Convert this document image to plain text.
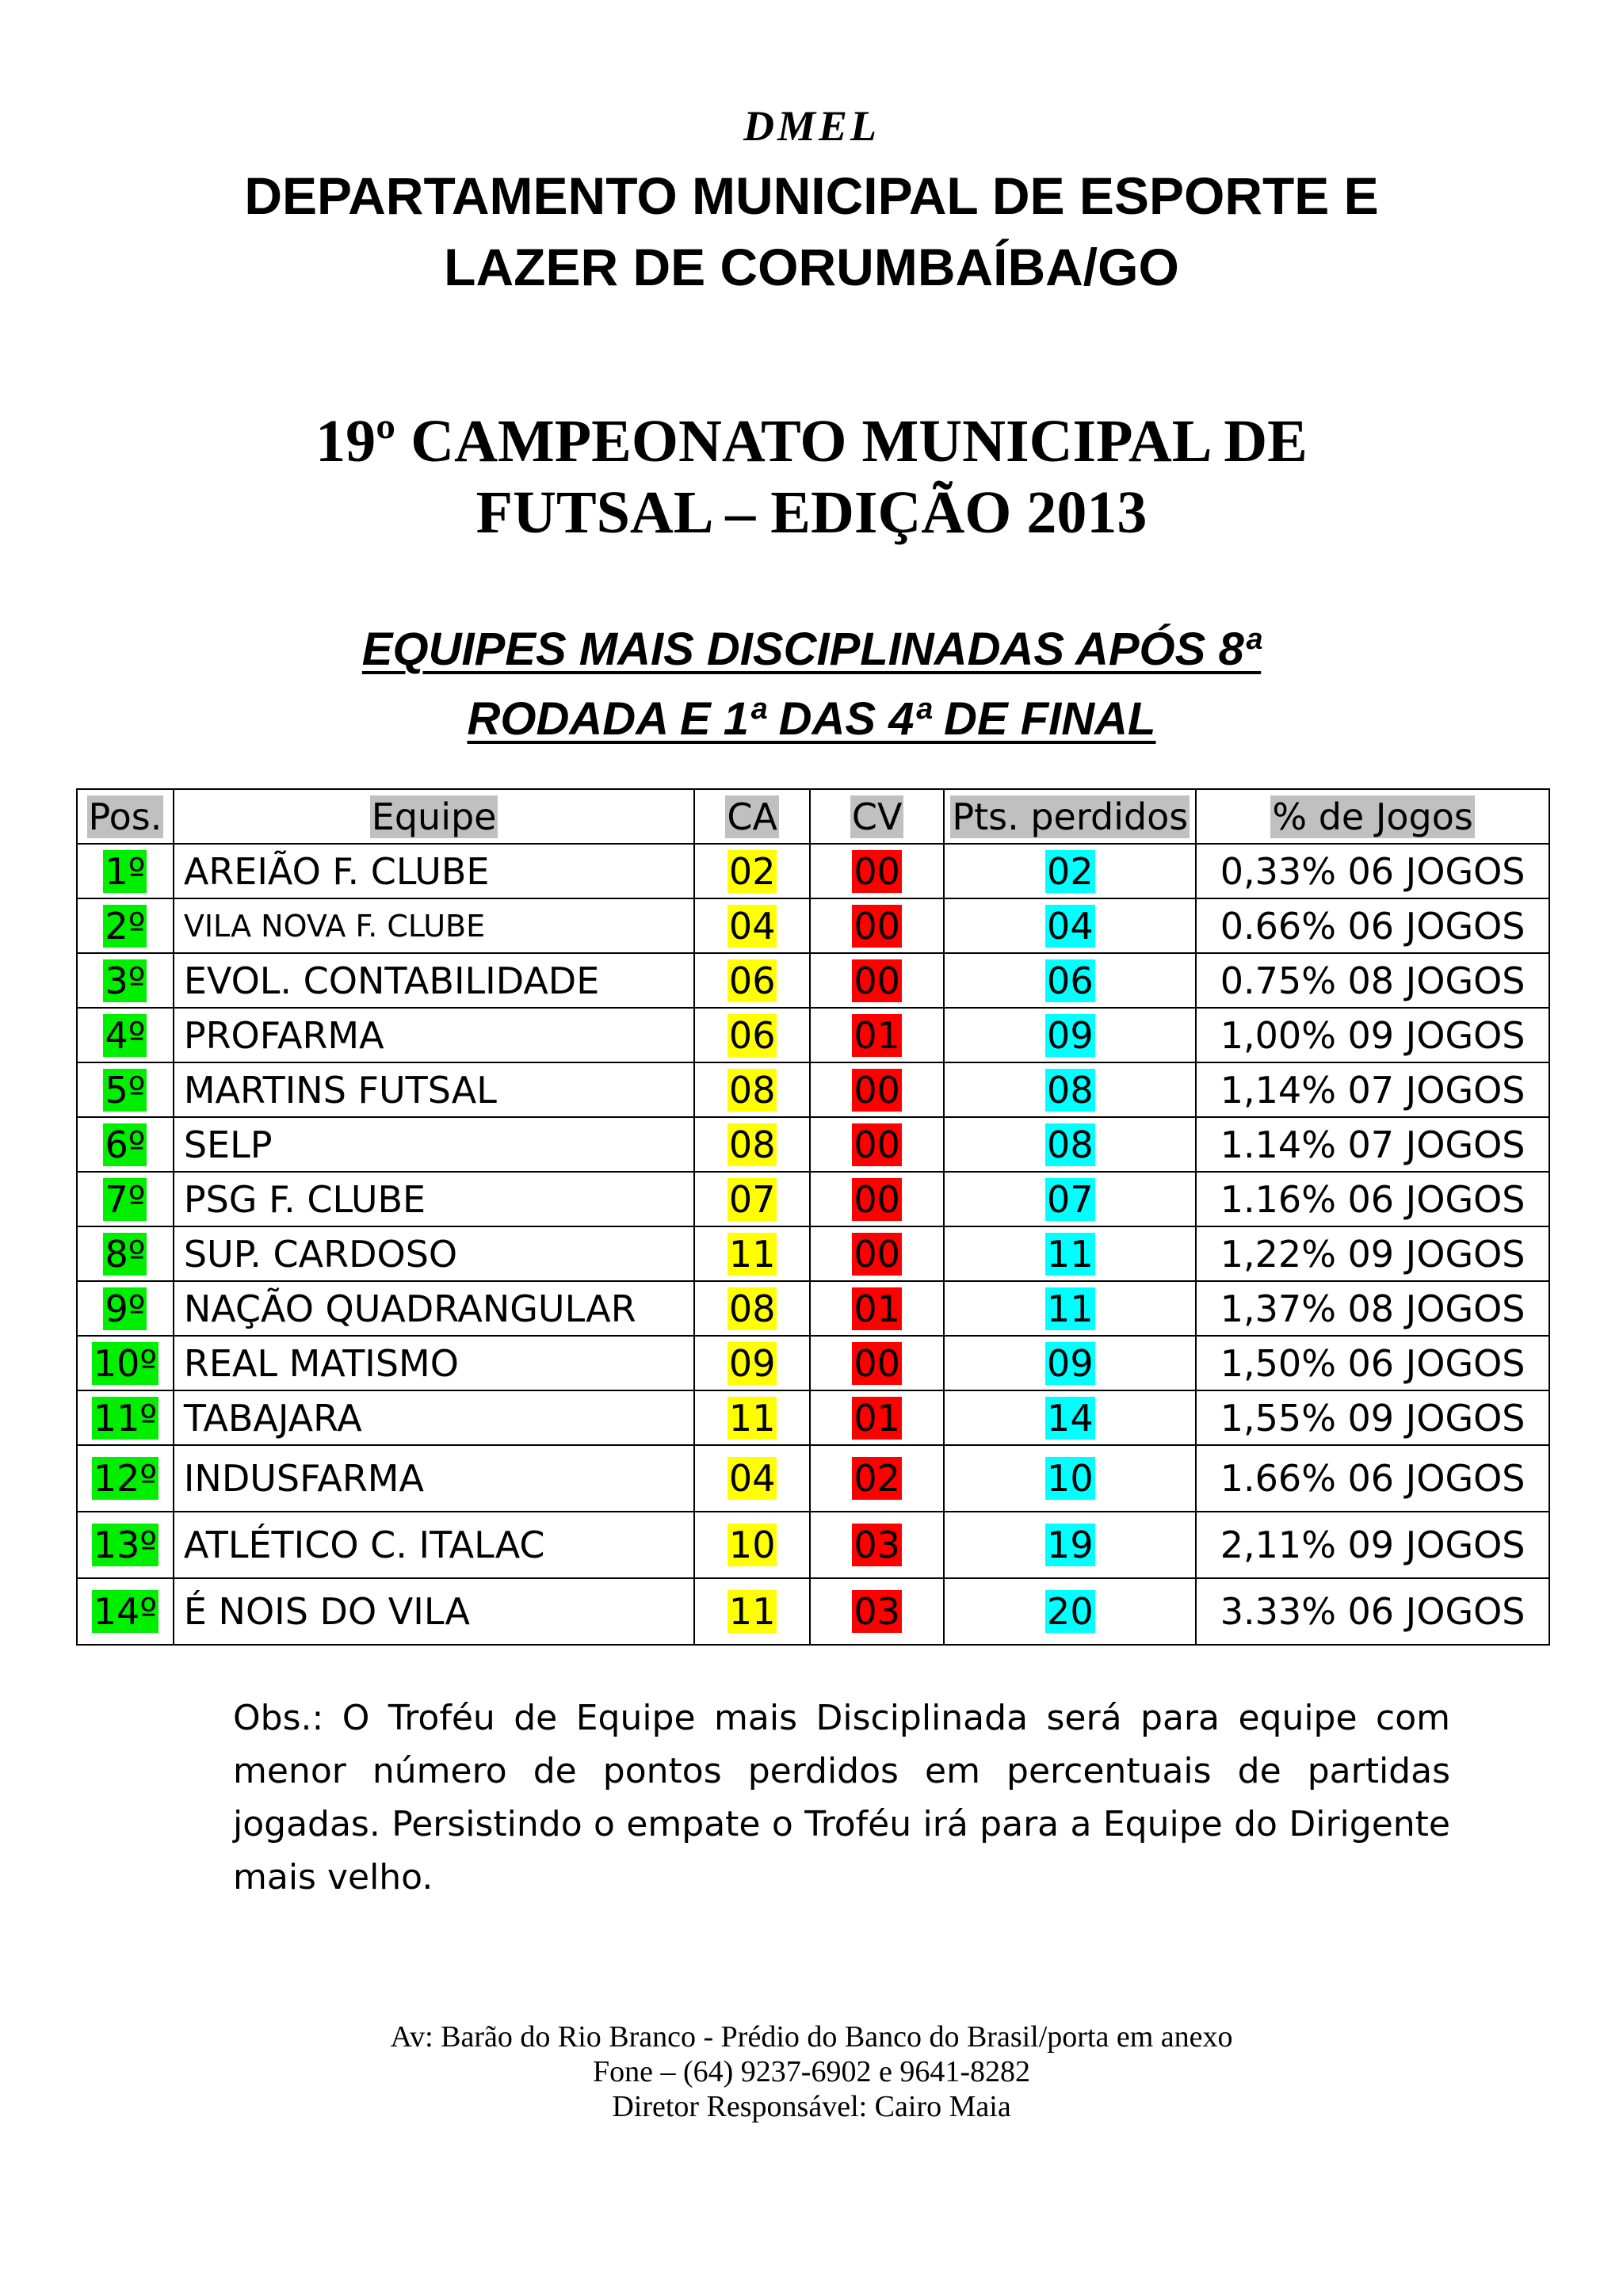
DMEL
DEPARTAMENTO MUNICIPAL DE ESPORTE E
LAZER DE CORUMBAÍBA/GO
19º CAMPEONATO MUNICIPAL DE
FUTSAL – EDIÇÃO 2013
EQUIPES MAIS DISCIPLINADAS APÓS 8ª
RODADA E 1ª DAS 4ª DE FINAL
Pos.	Equipe	CA	CV	Pts. perdidos	% de Jogos
1º	AREIÃO F. CLUBE	02	00	02	0,33% 06 JOGOS
2º	VILA NOVA F. CLUBE	04	00	04	0.66% 06 JOGOS
3º	EVOL. CONTABILIDADE	06	00	06	0.75% 08 JOGOS
4º	PROFARMA	06	01	09	1,00% 09 JOGOS
5º	MARTINS FUTSAL	08	00	08	1,14% 07 JOGOS
6º	SELP	08	00	08	1.14% 07 JOGOS
7º	PSG F. CLUBE	07	00	07	1.16% 06 JOGOS
8º	SUP. CARDOSO	11	00	11	1,22% 09 JOGOS
9º	NAÇÃO QUADRANGULAR	08	01	11	1,37% 08 JOGOS
10º	REAL MATISMO	09	00	09	1,50% 06 JOGOS
11º	TABAJARA	11	01	14	1,55% 09 JOGOS
12º	INDUSFARMA	04	02	10	1.66% 06 JOGOS
13º	ATLÉTICO C. ITALAC	10	03	19	2,11% 09 JOGOS
14º	É NOIS DO VILA	11	03	20	3.33% 06 JOGOS
Obs.: O Troféu de Equipe mais Disciplinada será para equipe com menor número de pontos perdidos em percentuais de partidas jogadas. Persistindo o empate o Troféu irá para a Equipe do Dirigente mais velho.
Av: Barão do Rio Branco - Prédio do Banco do Brasil/porta em anexo
Fone – (64) 9237-6902 e 9641-8282
Diretor Responsável: Cairo Maia
